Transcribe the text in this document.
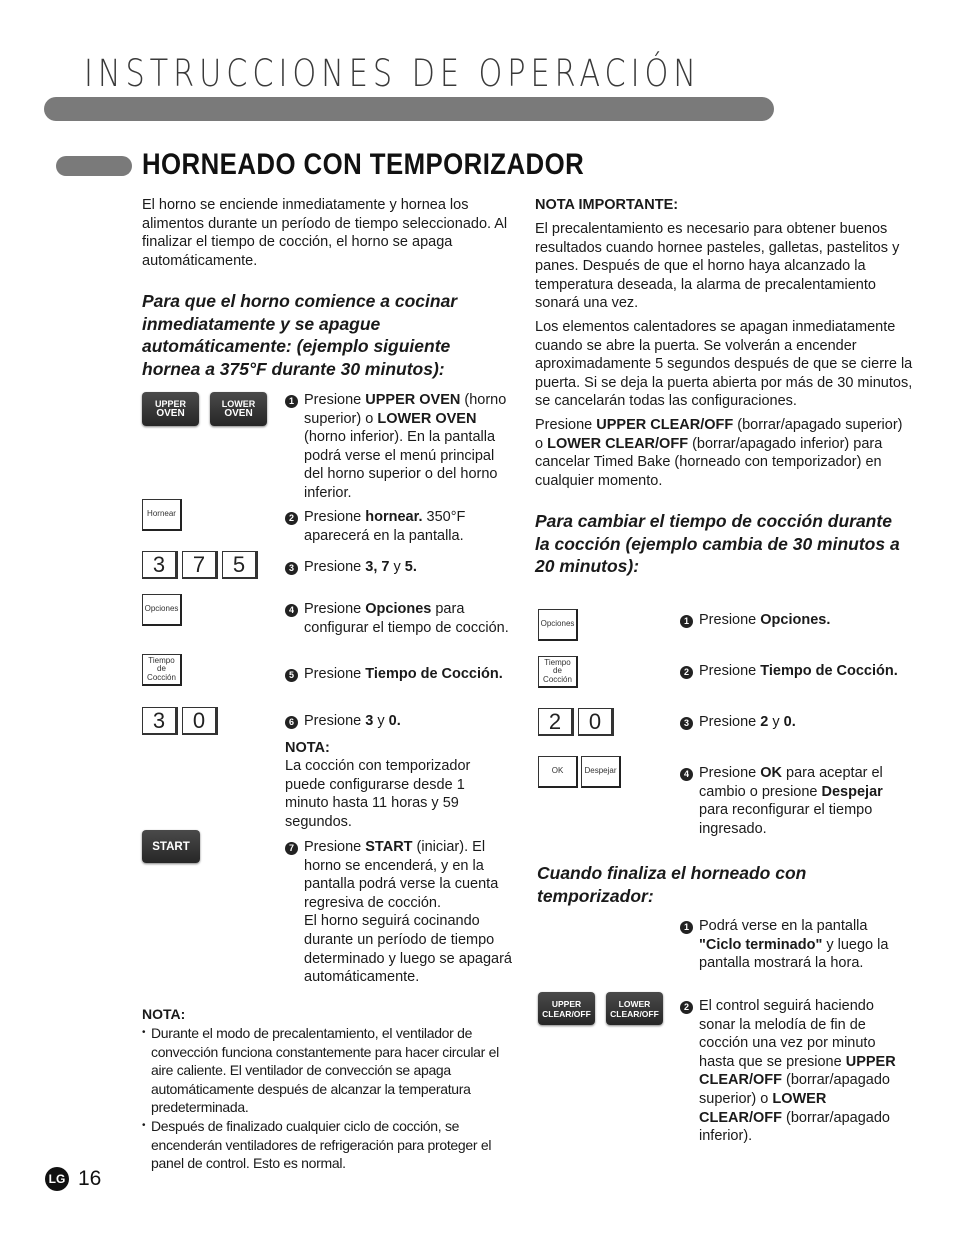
INSTRUCCIONES DE OPERACIÓN
HORNEADO CON TEMPORIZADOR

El horno se enciende inmediatamente y hornea los alimentos durante un período de tiempo seleccionado. Al finalizar el tiempo de cocción, el horno se apaga automáticamente.

Para que el horno comience a cocinar inmediatamente y se apague automáticamente: (ejemplo siguiente hornea a 375°F durante 30 minutos):

UPPER
OVEN
LOWER
OVEN
1 Presione UPPER OVEN (horno superior) o LOWER OVEN (horno inferior). En la pantalla podrá verse el menú principal del horno superior o del horno inferior.
Hornear	2 Presione hornear. 350°F aparecerá en la pantalla.
3	7	5	3 Presione 3, 7 y 5.
Opciones	4 Presione Opciones para configurar el tiempo de cocción.
Tiempo
de
Cocción	5 Presione Tiempo de Cocción.
3	0	6 Presione 3 y 0.

NOTA:

La cocción con temporizador puede configurarse desde 1 minuto hasta 11 horas y 59 segundos.

START	7 Presione START (iniciar). El horno se encenderá, y en la pantalla podrá verse la cuenta regresiva de cocción.
El horno seguirá cocinando durante un período de tiempo determinado y luego se apagará automáticamente.

NOTA:

• Durante el modo de precalentamiento, el ventilador de convección funciona constantemente para hacer circular el aire caliente. El ventilador de convección se apaga automáticamente después de alcanzar la temperatura predeterminada.
• Después de finalizado cualquier ciclo de cocción, se encenderán ventiladores de refrigeración para proteger el panel de control. Esto es normal.

NOTA IMPORTANTE:

El precalentamiento es necesario para obtener buenos resultados cuando hornee pasteles, galletas, pastelitos y panes. Después de que el horno haya alcanzado la temperatura deseada, la alarma de precalentamiento sonará una vez.

Los elementos calentadores se apagan inmediatamente cuando se abre la puerta. Se volverán a encender aproximadamente 5 segundos después de que se cierre la puerta. Si se deja la puerta abierta por más de 30 minutos, se cancelarán todas las configuraciones.

Presione UPPER CLEAR/OFF (borrar/apagado superior) o LOWER CLEAR/OFF (borrar/apagado inferior) para cancelar Timed Bake (horneado con temporizador) en cualquier momento.

Para cambiar el tiempo de cocción durante la cocción (ejemplo cambia de 30 minutos a 20 minutos):

Opciones	1 Presione Opciones.
Tiempo
de
Cocción
2 Presione Tiempo de Cocción.
2	0	3 Presione 2 y 0.
OK	Despejar	4 Presione OK para aceptar el cambio o presione Despejar para reconfigurar el tiempo ingresado.

Cuando finaliza el horneado con temporizador:

1 Podrá verse en la pantalla "Ciclo terminado" y luego la pantalla mostrará la hora.
UPPER
CLEAR/OFF
LOWER
CLEAR/OFF
2 El control seguirá haciendo sonar la melodía de fin de cocción una vez por minuto hasta que se presione UPPER CLEAR/OFF (borrar/apagado superior) o LOWER CLEAR/OFF (borrar/apagado inferior).
LG 16
